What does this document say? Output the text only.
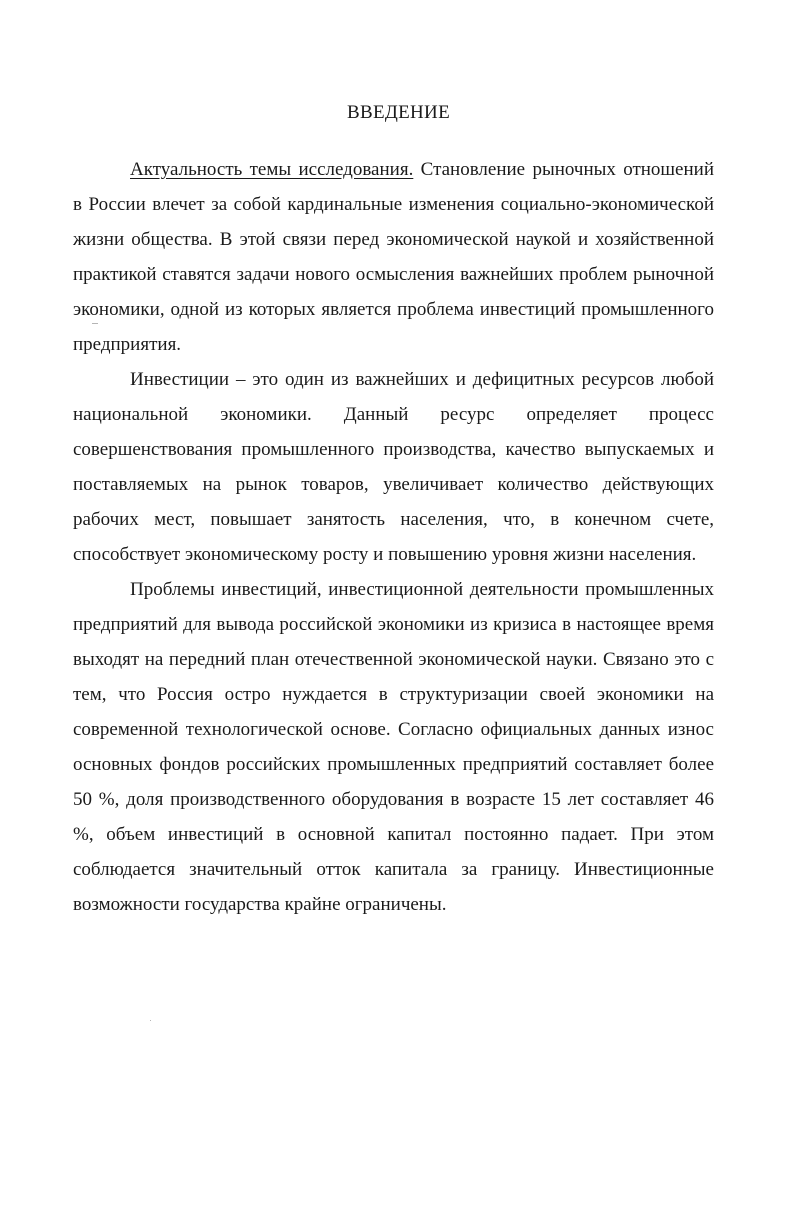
ВВЕДЕНИЕ

Актуальность темы исследования. Становление рыночных отношений в России влечет за собой кардинальные изменения социально-экономической жизни общества. В этой связи перед экономической наукой и хозяйственной практикой ставятся задачи нового осмысления важнейших проблем рыночной экономики, одной из которых является проблема инвестиций промышленного предприятия.

Инвестиции – это один из важнейших и дефицитных ресурсов любой национальной экономики. Данный ресурс определяет процесс совершенствования промышленного производства, качество выпускаемых и поставляемых на рынок товаров, увеличивает количество действующих рабочих мест, повышает занятость населения, что, в конечном счете, способствует экономическому росту и повышению уровня жизни населения.

Проблемы инвестиций, инвестиционной деятельности промышленных предприятий для вывода российской экономики из кризиса в настоящее время выходят на передний план отечественной экономической науки. Связано это с тем, что Россия остро нуждается в структуризации своей экономики на современной технологической основе. Согласно официальных данных износ основных фондов российских промышленных предприятий составляет более 50 %, доля производственного оборудования в возрасте 15 лет составляет 46 %, объем инвестиций в основной капитал постоянно падает. При этом соблюдается значительный отток капитала за границу. Инвестиционные возможности государства крайне ограничены.
